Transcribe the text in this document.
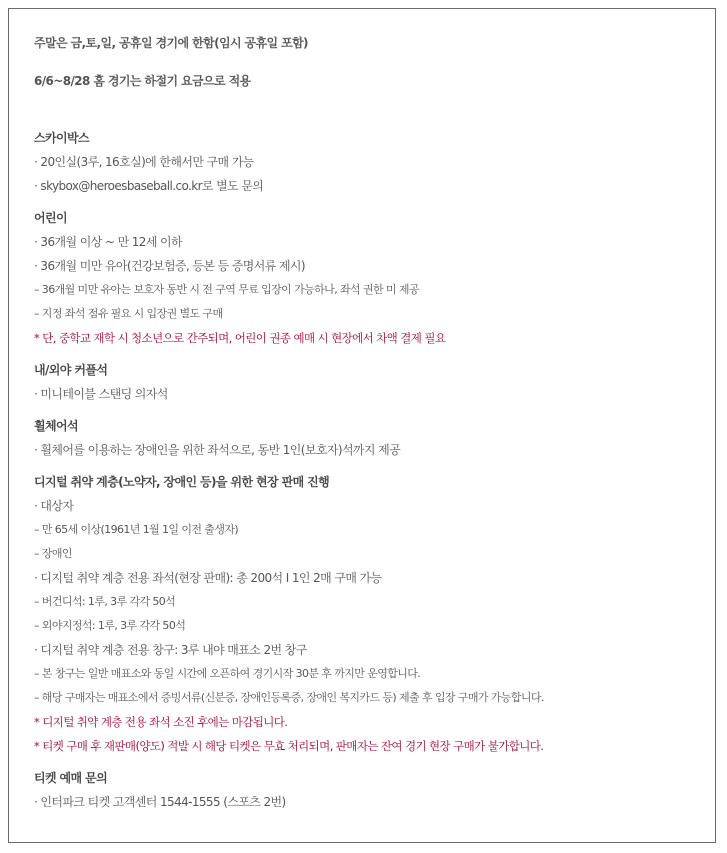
주말은 금,토,일, 공휴일 경기에 한함(임시 공휴일 포함)
6/6~8/28 홈 경기는 하절기 요금으로 적용
스카이박스
· 20인실(3루, 16호실)에 한해서만 구매 가능
· skybox@heroesbaseball.co.kr로 별도 문의
어린이
· 36개월 이상 ~ 만 12세 이하
· 36개월 미만 유아(건강보험증, 등본 등 증명서류 제시)
– 36개월 미만 유아는 보호자 동반 시 전 구역 무료 입장이 가능하나, 좌석 권한 미 제공
– 지정 좌석 점유 필요 시 입장권 별도 구매
* 단, 중학교 재학 시 청소년으로 간주되며, 어린이 권종 예매 시 현장에서 차액 결제 필요
내/외야 커플석
· 미니테이블 스탠딩 의자석
휠체어석
· 휠체어를 이용하는 장애인을 위한 좌석으로, 동반 1인(보호자)석까지 제공
디지털 취약 계층(노약자, 장애인 등)을 위한 현장 판매 진행
· 대상자
– 만 65세 이상(1961년 1월 1일 이전 출생자)
– 장애인
· 디지털 취약 계층 전용 좌석(현장 판매): 총 200석 I 1인 2매 구매 가능
– 버건디석: 1루, 3루 각각 50석
– 외야지정석: 1루, 3루 각각 50석
· 디지털 취약 계층 전용 창구: 3루 내야 매표소 2번 창구
– 본 창구는 일반 매표소와 동일 시간에 오픈하여 경기시작 30분 후 까지만 운영합니다.
– 해당 구매자는 매표소에서 증빙서류(신분증, 장애인등록증, 장애인 복지카드 등) 제출 후 입장 구매가 가능합니다.
* 디지털 취약 계층 전용 좌석 소진 후에는 마감됩니다.
* 티켓 구매 후 재판매(양도) 적발 시 해당 티켓은 무효 처리되며, 판매자는 잔여 경기 현장 구매가 불가합니다.
티켓 예매 문의
· 인터파크 티켓 고객센터 1544-1555 (스포츠 2번)
